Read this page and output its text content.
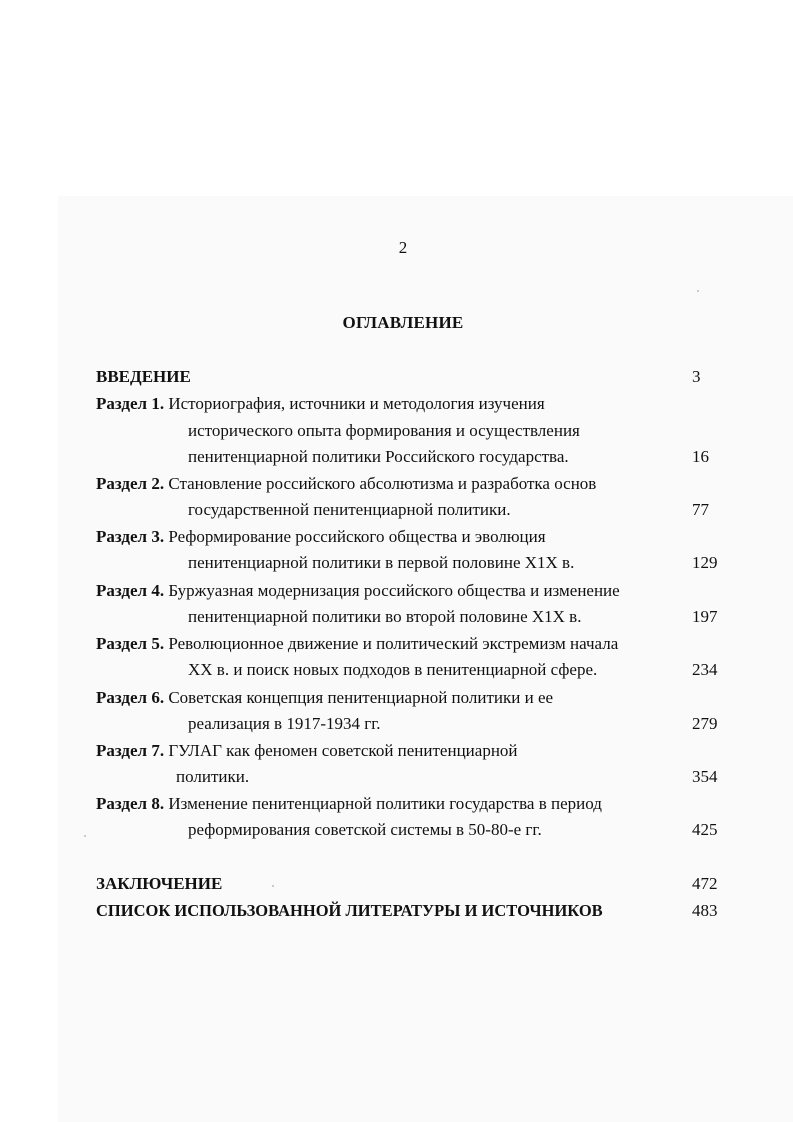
2
ОГЛАВЛЕНИЕ
ВВЕДЕНИЕ	3
Раздел 1. Историография, источники и методология изучения
исторического опыта формирования и осуществления
пенитенциарной политики Российского государства.	16
Раздел 2. Становление российского абсолютизма и разработка основ
государственной пенитенциарной политики.	77
Раздел 3. Реформирование российского общества и эволюция
пенитенциарной политики в первой половине Х1Х в.	129
Раздел 4. Буржуазная модернизация российского общества и изменение
пенитенциарной политики во второй половине Х1Х в.	197
Раздел 5. Революционное движение и политический экстремизм начала
XX в. и поиск новых подходов в пенитенциарной сфере.	234
Раздел 6. Советская концепция пенитенциарной политики и ее
реализация в 1917-1934 гг.	279
Раздел 7. ГУЛАГ как феномен советской пенитенциарной
политики.	354
Раздел 8. Изменение пенитенциарной политики государства в период
реформирования советской системы в 50-80-е гг.	425
ЗАКЛЮЧЕНИЕ	472
СПИСОК ИСПОЛЬЗОВАННОЙ ЛИТЕРАТУРЫ И ИСТОЧНИКОВ	483
